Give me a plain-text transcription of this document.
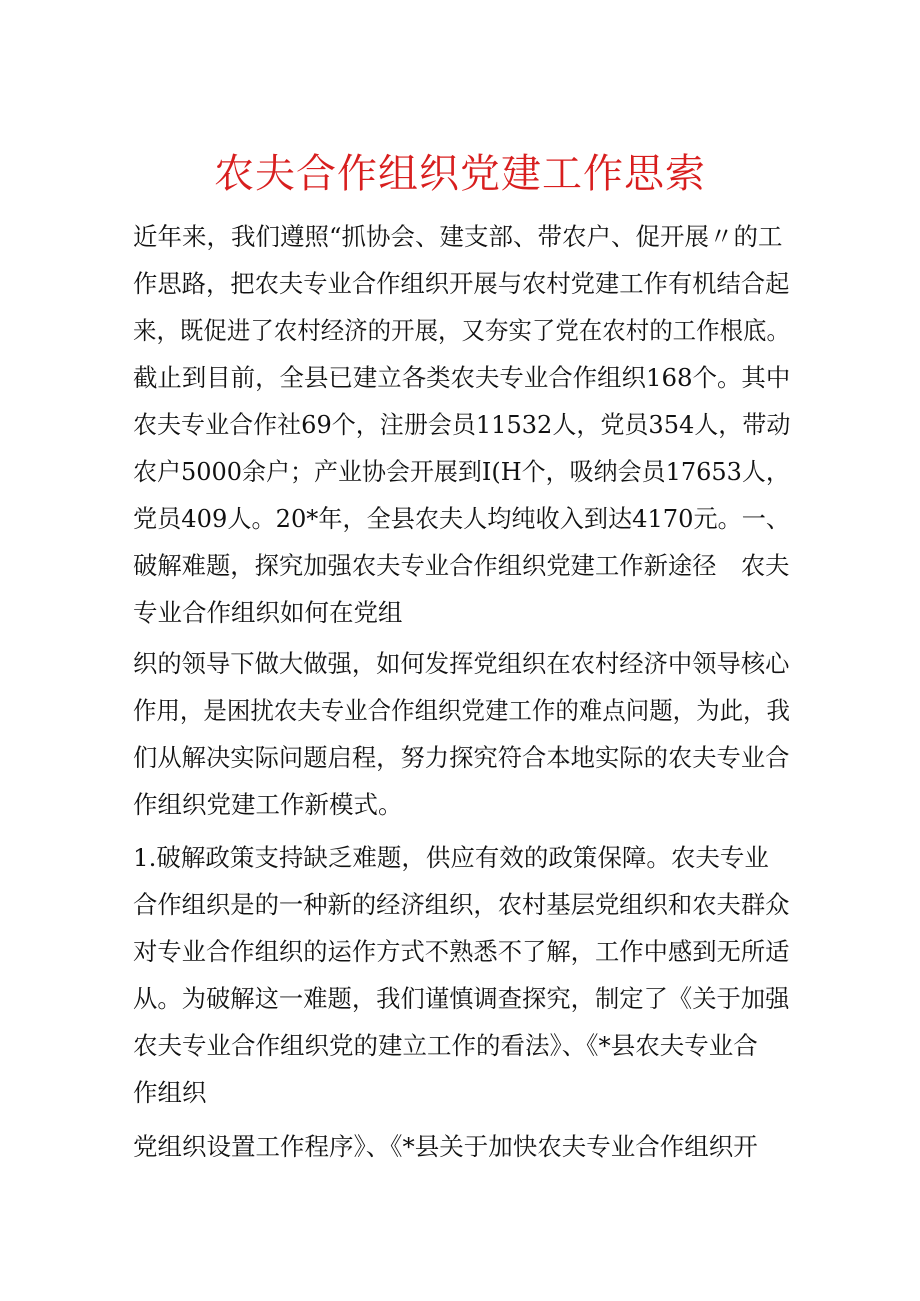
农夫合作组织党建工作思索
近年来，我们遵照“抓协会、建支部、带农户、促开展〃的工
作思路，把农夫专业合作组织开展与农村党建工作有机结合起
来，既促进了农村经济的开展，又夯实了党在农村的工作根底。
截止到目前，全县已建立各类农夫专业合作组织168个。其中
农夫专业合作社69个，注册会员11532人，党员354人，带动
农户5000余户；产业协会开展到I(H个，吸纳会员17653人，
党员409人。20*年，全县农夫人均纯收入到达4170元。一、
破解难题，探究加强农夫专业合作组织党建工作新途径　农夫
专业合作组织如何在党组
织的领导下做大做强，如何发挥党组织在农村经济中领导核心
作用，是困扰农夫专业合作组织党建工作的难点问题，为此，我
们从解决实际问题启程，努力探究符合本地实际的农夫专业合
作组织党建工作新模式。
1.破解政策支持缺乏难题，供应有效的政策保障。农夫专业
合作组织是的一种新的经济组织，农村基层党组织和农夫群众
对专业合作组织的运作方式不熟悉不了解，工作中感到无所适
从。为破解这一难题，我们谨慎调查探究，制定了《关于加强
农夫专业合作组织党的建立工作的看法》、《*县农夫专业合
作组织
党组织设置工作程序》、《*县关于加快农夫专业合作组织开
